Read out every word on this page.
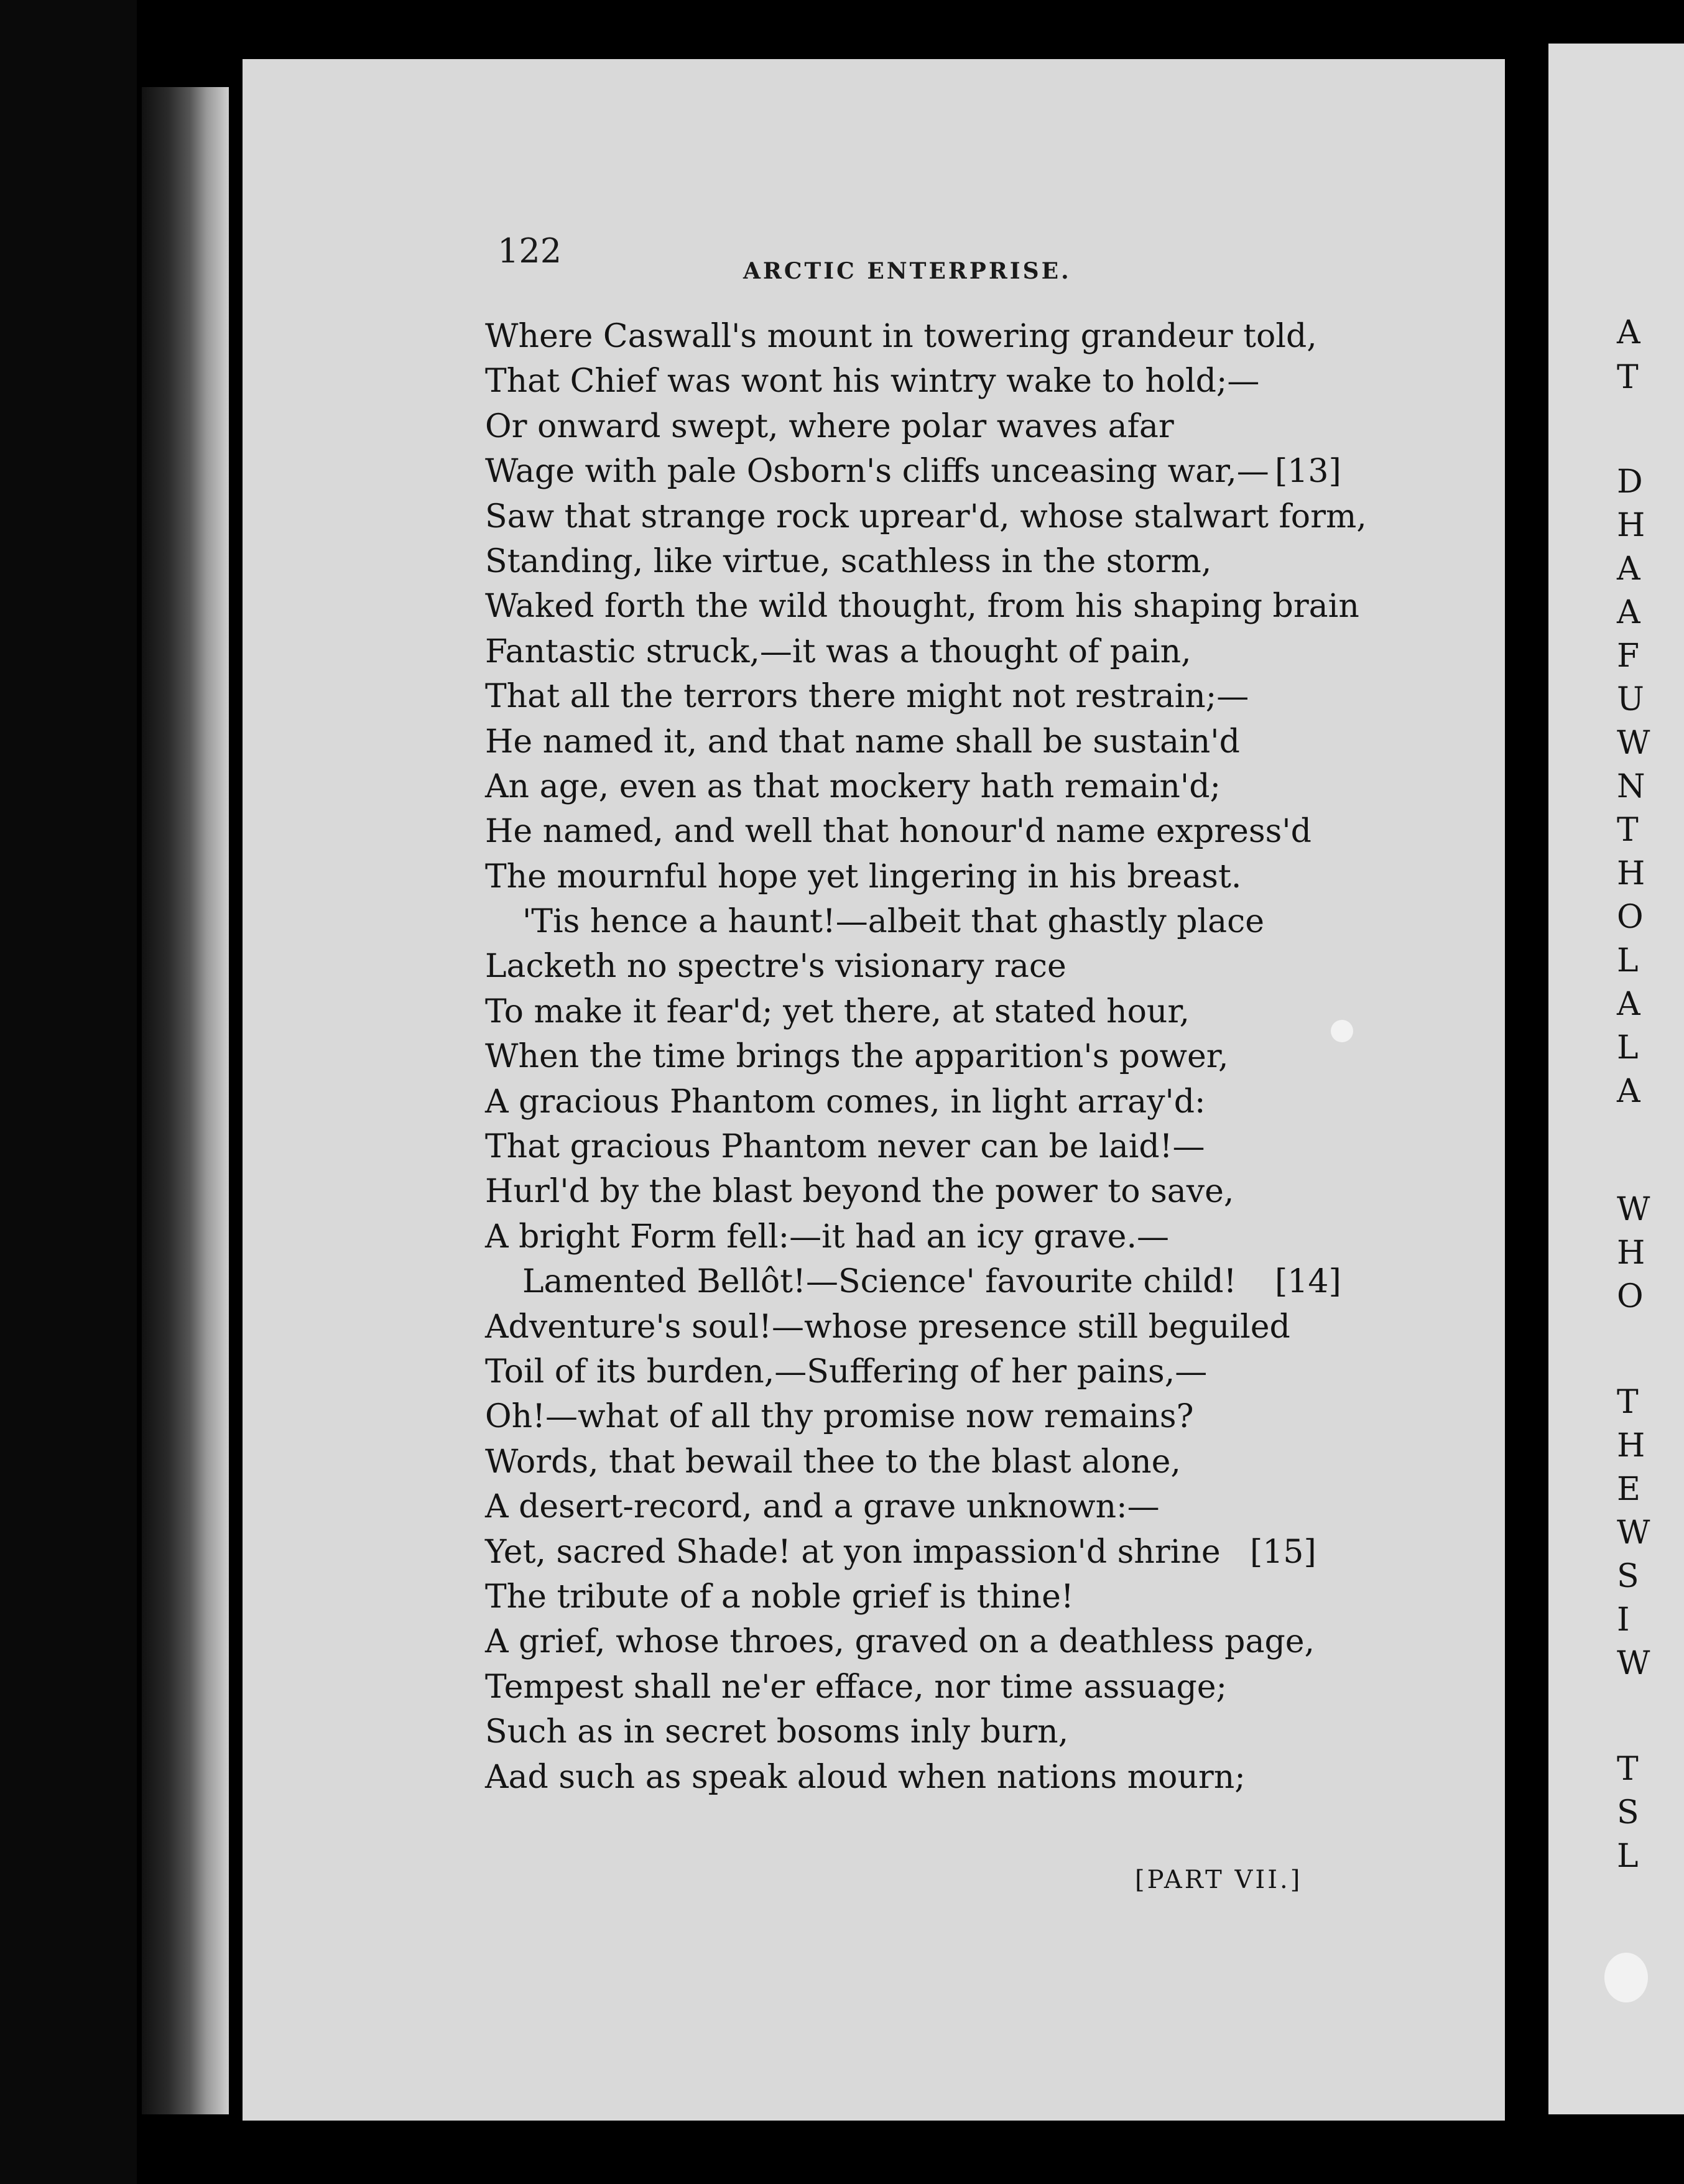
122
ARCTIC ENTERPRISE.
Where Caswall's mount in towering grandeur told,
That Chief was wont his wintry wake to hold;—
Or onward swept, where polar waves afar
Wage with pale Osborn's cliffs unceasing war,— [13]
Saw that strange rock uprear'd, whose stalwart form,
Standing, like virtue, scathless in the storm,
Waked forth the wild thought, from his shaping brain
Fantastic struck,—it was a thought of pain,
That all the terrors there might not restrain;—
He named it, and that name shall be sustain'd
An age, even as that mockery hath remain'd;
He named, and well that honour'd name express'd
The mournful hope yet lingering in his breast.
'Tis hence a haunt!—albeit that ghastly place
Lacketh no spectre's visionary race
To make it fear'd; yet there, at stated hour,
When the time brings the apparition's power,
A gracious Phantom comes, in light array'd:
That gracious Phantom never can be laid!—
Hurl'd by the blast beyond the power to save,
A bright Form fell:—it had an icy grave.—
Lamented Bellôt!—Science' favourite child! [14]
Adventure's soul!—whose presence still beguiled
Toil of its burden,—Suffering of her pains,—
Oh!—what of all thy promise now remains?
Words, that bewail thee to the blast alone,
A desert-record, and a grave unknown:—
Yet, sacred Shade! at yon impassion'd shrine [15]
The tribute of a noble grief is thine!
A grief, whose throes, graved on a deathless page,
Tempest shall ne'er efface, nor time assuage;
Such as in secret bosoms inly burn,
Aad such as speak aloud when nations mourn;
[PART VII.]
A
T
D
H
A
A
F
U
W
N
T
H
O
L
A
L
A
W
H
O
T
H
E
W
S
I
W
T
S
L
